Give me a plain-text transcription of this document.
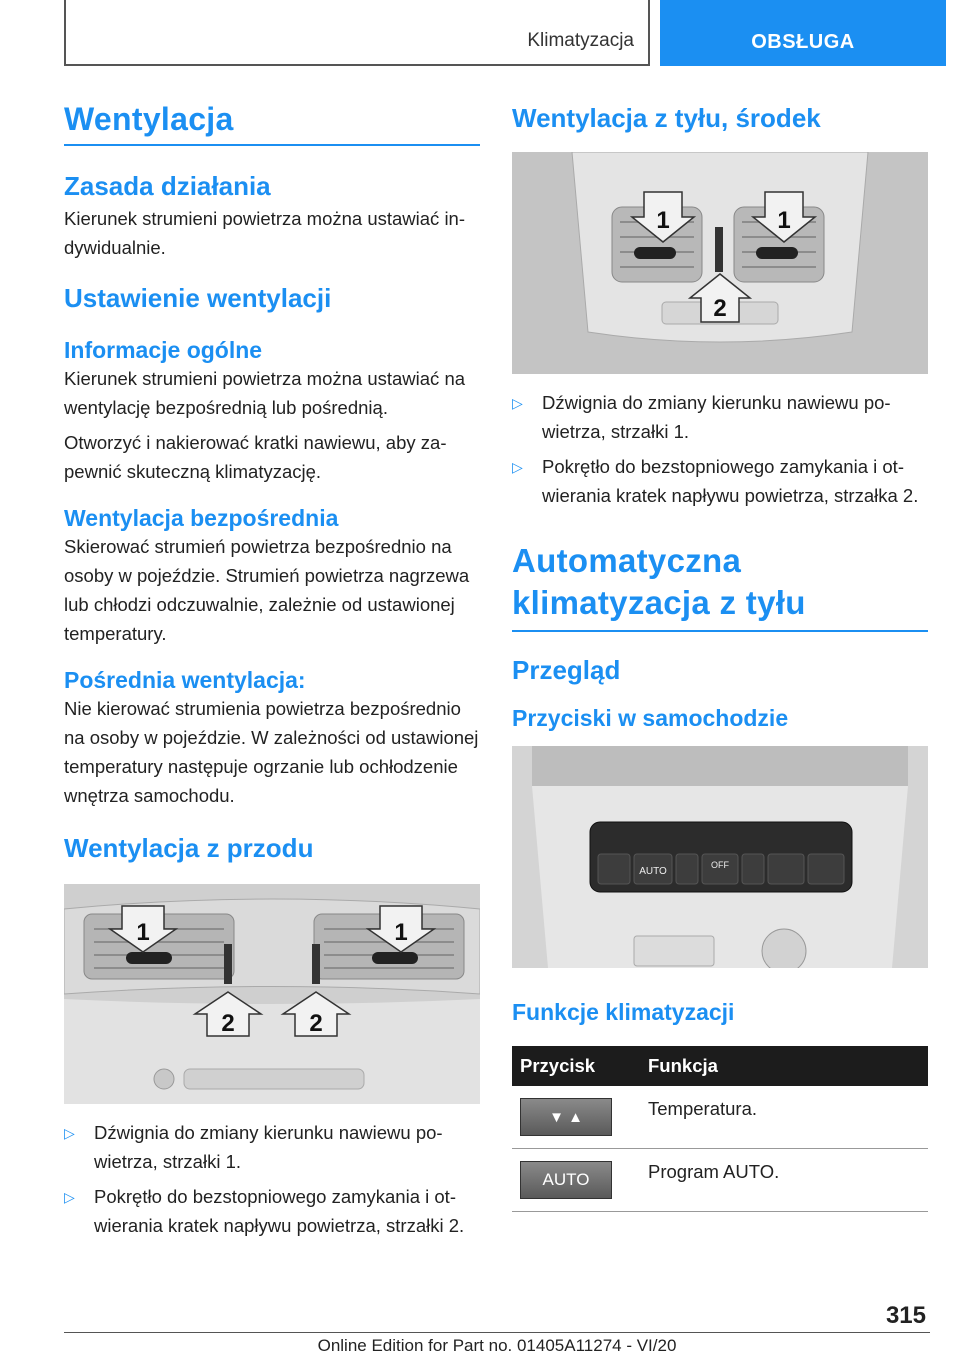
Klimatyzacja	OBSŁUGA
Wentylacja
Zasada działania

Kierunek strumieni powietrza można ustawiać indywidualnie.

Ustawienie wentylacji
Informacje ogólne

Kierunek strumieni powietrza można ustawiać na wentylację bezpośrednią lub pośrednią.

Otworzyć i nakierować kratki nawiewu, aby zapewnić skuteczną klimatyzację.

Wentylacja bezpośrednia

Skierować strumień powietrza bezpośrednio na osoby w pojeździe. Strumień powietrza nagrzewa lub chłodzi odczuwalnie, zależnie od ustawionej temperatury.

Pośrednia wentylacja:

Nie kierować strumienia powietrza bezpośrednio na osoby w pojeździe. W zależności od ustawionej temperatury następuje ogrzanie lub ochłodzenie wnętrza samochodu.

Wentylacja z przodu
1	1
2	2
▷	Dźwignia do zmiany kierunku nawiewu powietrza, strzałki 1.
▷	Pokrętło do bezstopniowego zamykania i otwierania kratek napływu powietrza, strzałki 2.
Wentylacja z tyłu, środek
1	1
2
▷	Dźwignia do zmiany kierunku nawiewu powietrza, strzałki 1.
▷	Pokrętło do bezstopniowego zamykania i otwierania kratek napływu powietrza, strzałka 2.
Automatyczna klimatyzacja z tyłu
Przegląd
Przyciski w samochodzie
AUTO
OFF
Funkcje klimatyzacji
Przycisk	Funkcja

▼ ▲	Temperatura.

AUTO	Program AUTO.
315
Online Edition for Part no. 01405A11274 - VI/20
